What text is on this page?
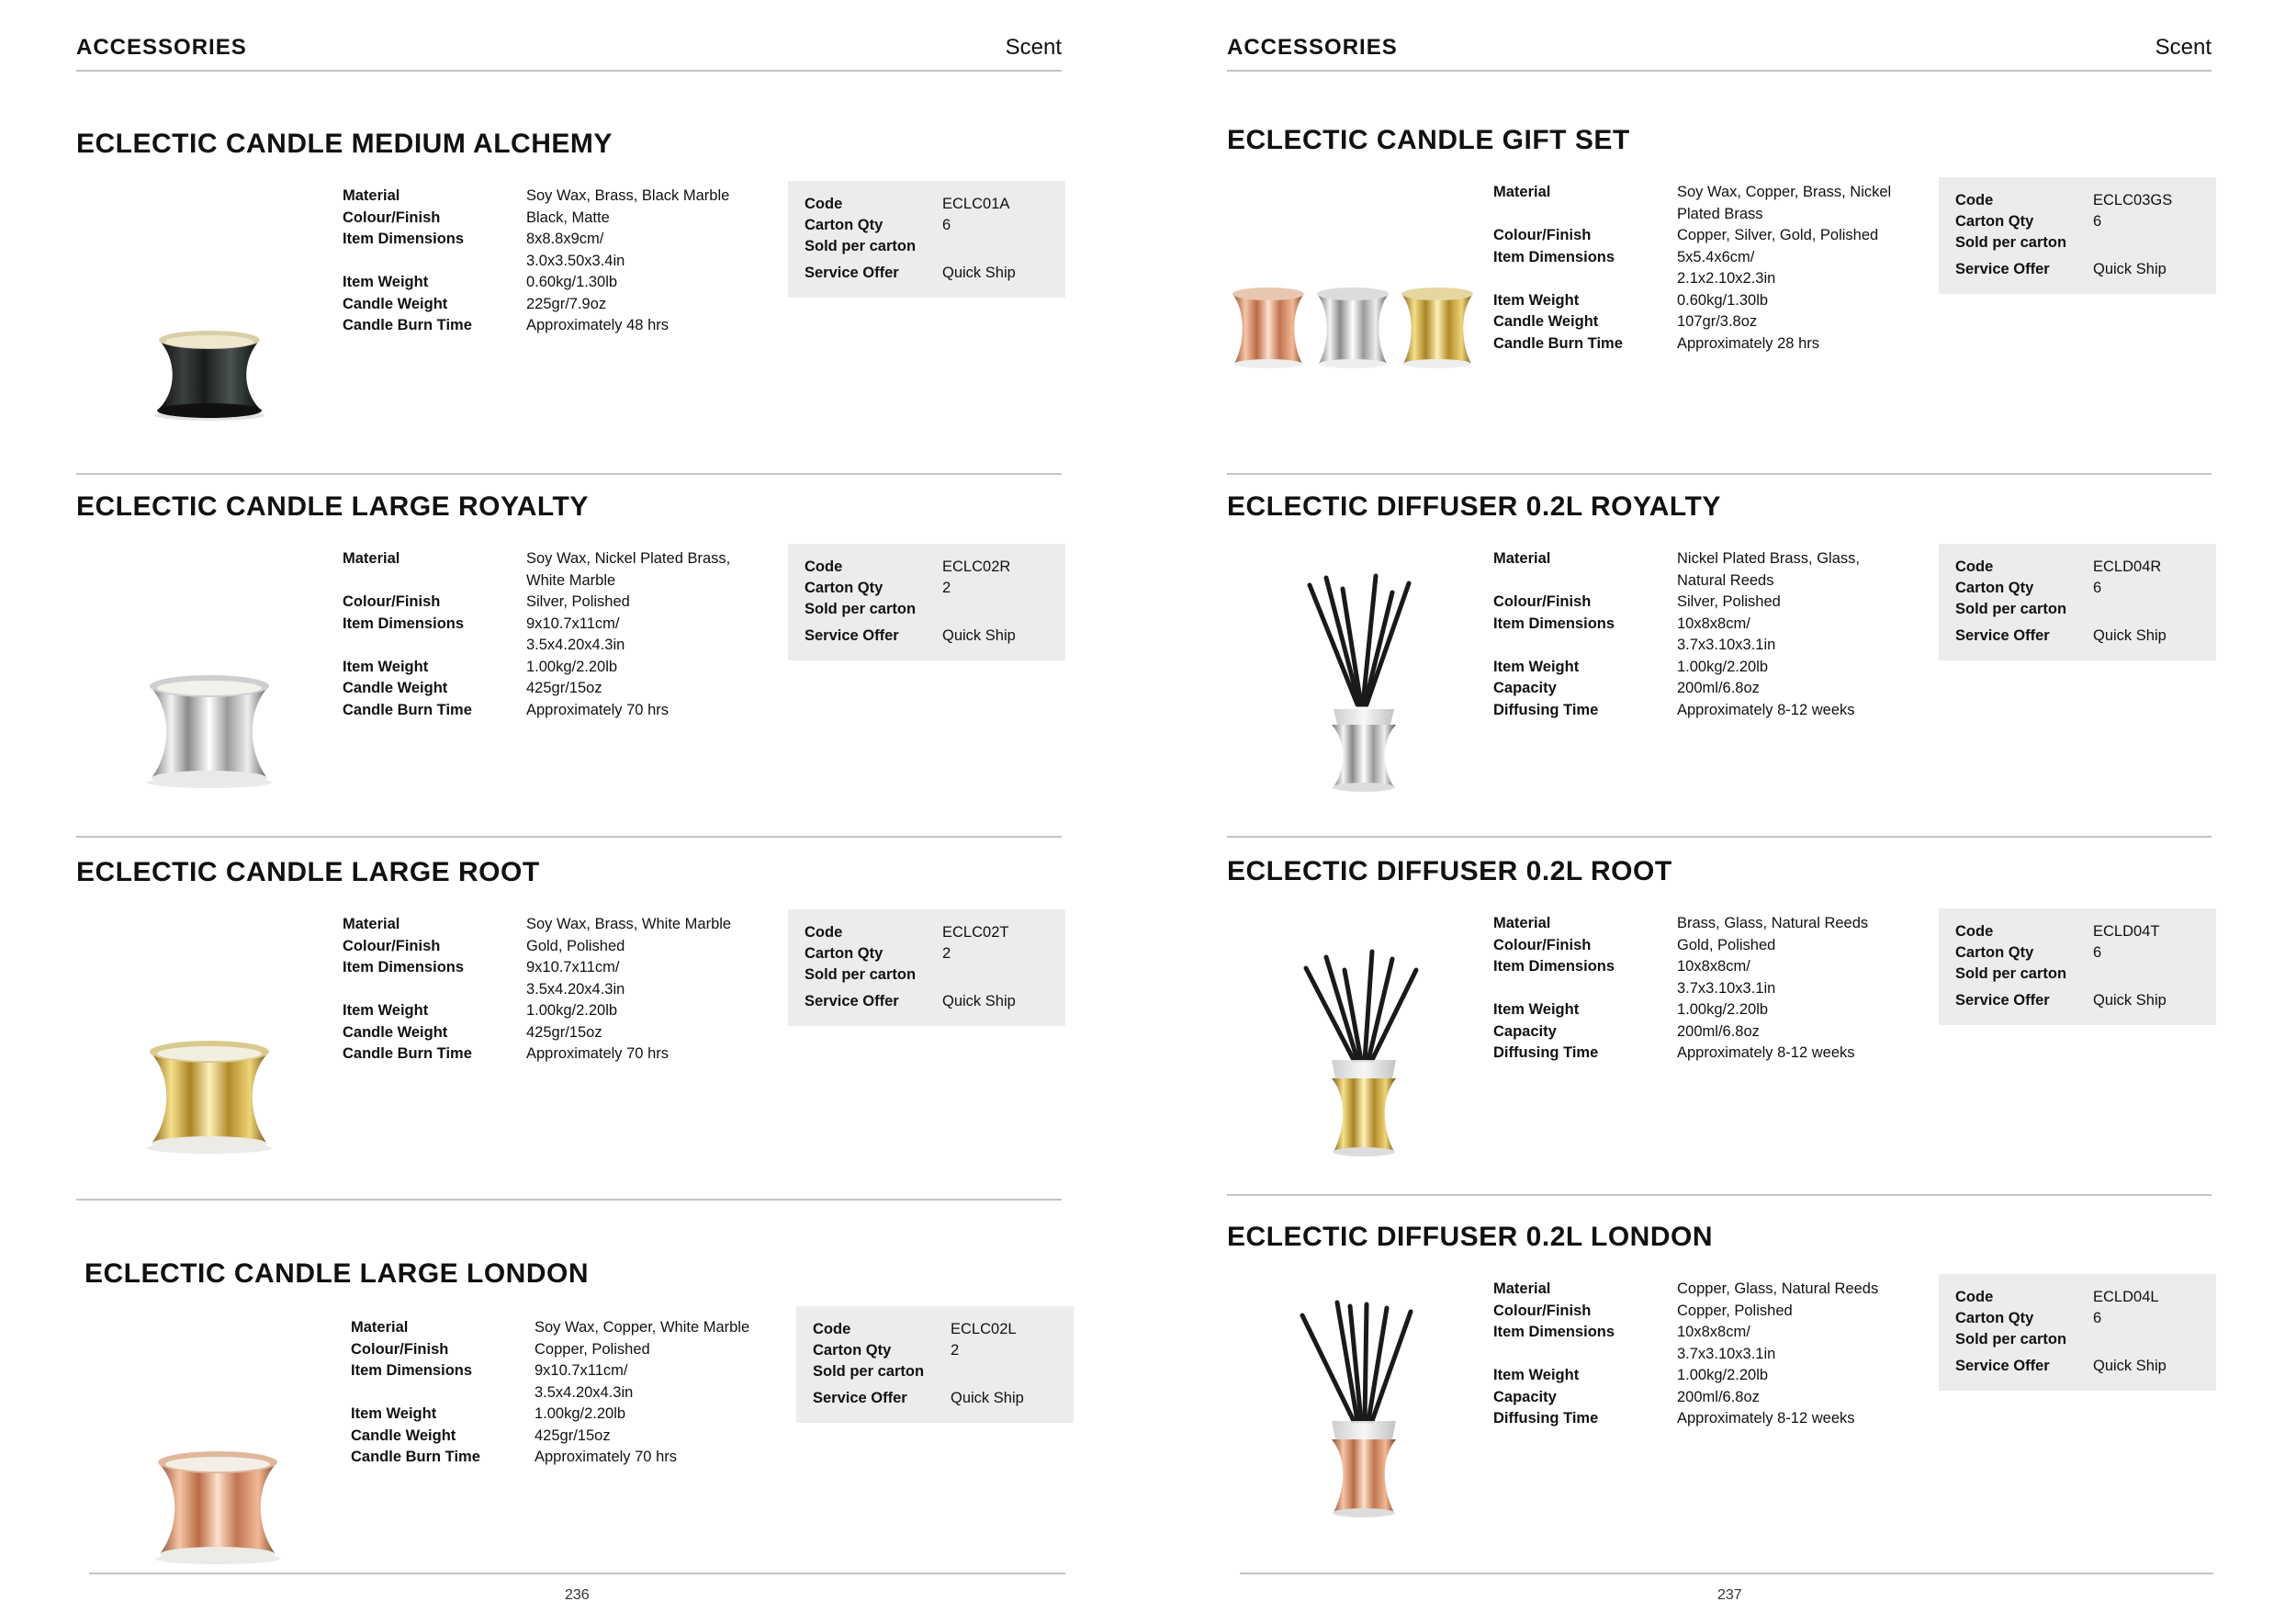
ACCESSORIES	Scent
ECLECTIC CANDLE MEDIUM ALCHEMY
Material	Soy Wax, Brass, Black Marble
Colour/Finish	Black, Matte
Item Dimensions	8x8.8x9cm/
3.0x3.50x3.4in
Item Weight	0.60kg/1.30lb
Candle Weight	225gr/7.9oz
Candle Burn Time	Approximately 48 hrs
Code	ECLC01A
Carton Qty	6
Sold per carton
Service Offer	Quick Ship
ECLECTIC CANDLE LARGE ROYALTY
Material	Soy Wax, Nickel Plated Brass,
White Marble
Colour/Finish	Silver, Polished
Item Dimensions	9x10.7x11cm/
3.5x4.20x4.3in
Item Weight	1.00kg/2.20lb
Candle Weight	425gr/15oz
Candle Burn Time	Approximately 70 hrs
Code	ECLC02R
Carton Qty	2
Sold per carton
Service Offer	Quick Ship
ECLECTIC CANDLE LARGE ROOT
Material	Soy Wax, Brass, White Marble
Colour/Finish	Gold, Polished
Item Dimensions	9x10.7x11cm/
3.5x4.20x4.3in
Item Weight	1.00kg/2.20lb
Candle Weight	425gr/15oz
Candle Burn Time	Approximately 70 hrs
Code	ECLC02T
Carton Qty	2
Sold per carton
Service Offer	Quick Ship
ECLECTIC CANDLE LARGE LONDON
Material	Soy Wax, Copper, White Marble
Colour/Finish	Copper, Polished
Item Dimensions	9x10.7x11cm/
3.5x4.20x4.3in
Item Weight	1.00kg/2.20lb
Candle Weight	425gr/15oz
Candle Burn Time	Approximately 70 hrs
Code	ECLC02L
Carton Qty	2
Sold per carton
Service Offer	Quick Ship
236
ACCESSORIES	Scent
ECLECTIC CANDLE GIFT SET
Material	Soy Wax, Copper, Brass, Nickel
Plated Brass
Colour/Finish	Copper, Silver, Gold, Polished
Item Dimensions	5x5.4x6cm/
2.1x2.10x2.3in
Item Weight	0.60kg/1.30lb
Candle Weight	107gr/3.8oz
Candle Burn Time	Approximately 28 hrs
Code	ECLC03GS
Carton Qty	6
Sold per carton
Service Offer	Quick Ship
ECLECTIC DIFFUSER 0.2L ROYALTY
Material	Nickel Plated Brass, Glass,
Natural Reeds
Colour/Finish	Silver, Polished
Item Dimensions	10x8x8cm/
3.7x3.10x3.1in
Item Weight	1.00kg/2.20lb
Capacity	200ml/6.8oz
Diffusing Time	Approximately 8-12 weeks
Code	ECLD04R
Carton Qty	6
Sold per carton
Service Offer	Quick Ship
ECLECTIC DIFFUSER 0.2L ROOT
Material	Brass, Glass, Natural Reeds
Colour/Finish	Gold, Polished
Item Dimensions	10x8x8cm/
3.7x3.10x3.1in
Item Weight	1.00kg/2.20lb
Capacity	200ml/6.8oz
Diffusing Time	Approximately 8-12 weeks
Code	ECLD04T
Carton Qty	6
Sold per carton
Service Offer	Quick Ship
ECLECTIC DIFFUSER 0.2L LONDON
Material	Copper, Glass, Natural Reeds
Colour/Finish	Copper, Polished
Item Dimensions	10x8x8cm/
3.7x3.10x3.1in
Item Weight	1.00kg/2.20lb
Capacity	200ml/6.8oz
Diffusing Time	Approximately 8-12 weeks
Code	ECLD04L
Carton Qty	6
Sold per carton
Service Offer	Quick Ship
237
